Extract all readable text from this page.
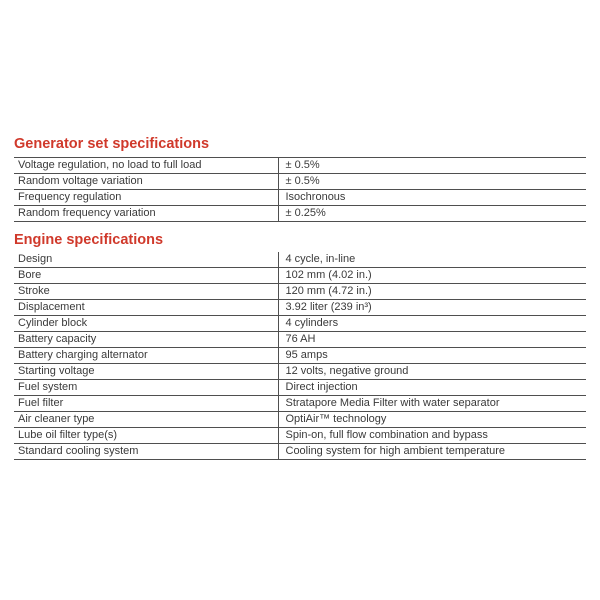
Generator set specifications
Voltage regulation, no load to full load	± 0.5%
Random voltage variation	± 0.5%
Frequency regulation	Isochronous
Random frequency variation	± 0.25%
Engine specifications
Design	4 cycle, in-line
Bore	102 mm (4.02 in.)
Stroke	120 mm (4.72 in.)
Displacement	3.92 liter (239 in³)
Cylinder block	4 cylinders
Battery capacity	76 AH
Battery charging alternator	95 amps
Starting voltage	12 volts, negative ground
Fuel system	Direct injection
Fuel filter	Stratapore Media Filter with water separator
Air cleaner type	OptiAir™ technology
Lube oil filter type(s)	Spin-on, full flow combination and bypass
Standard cooling system	Cooling system for high ambient temperature
